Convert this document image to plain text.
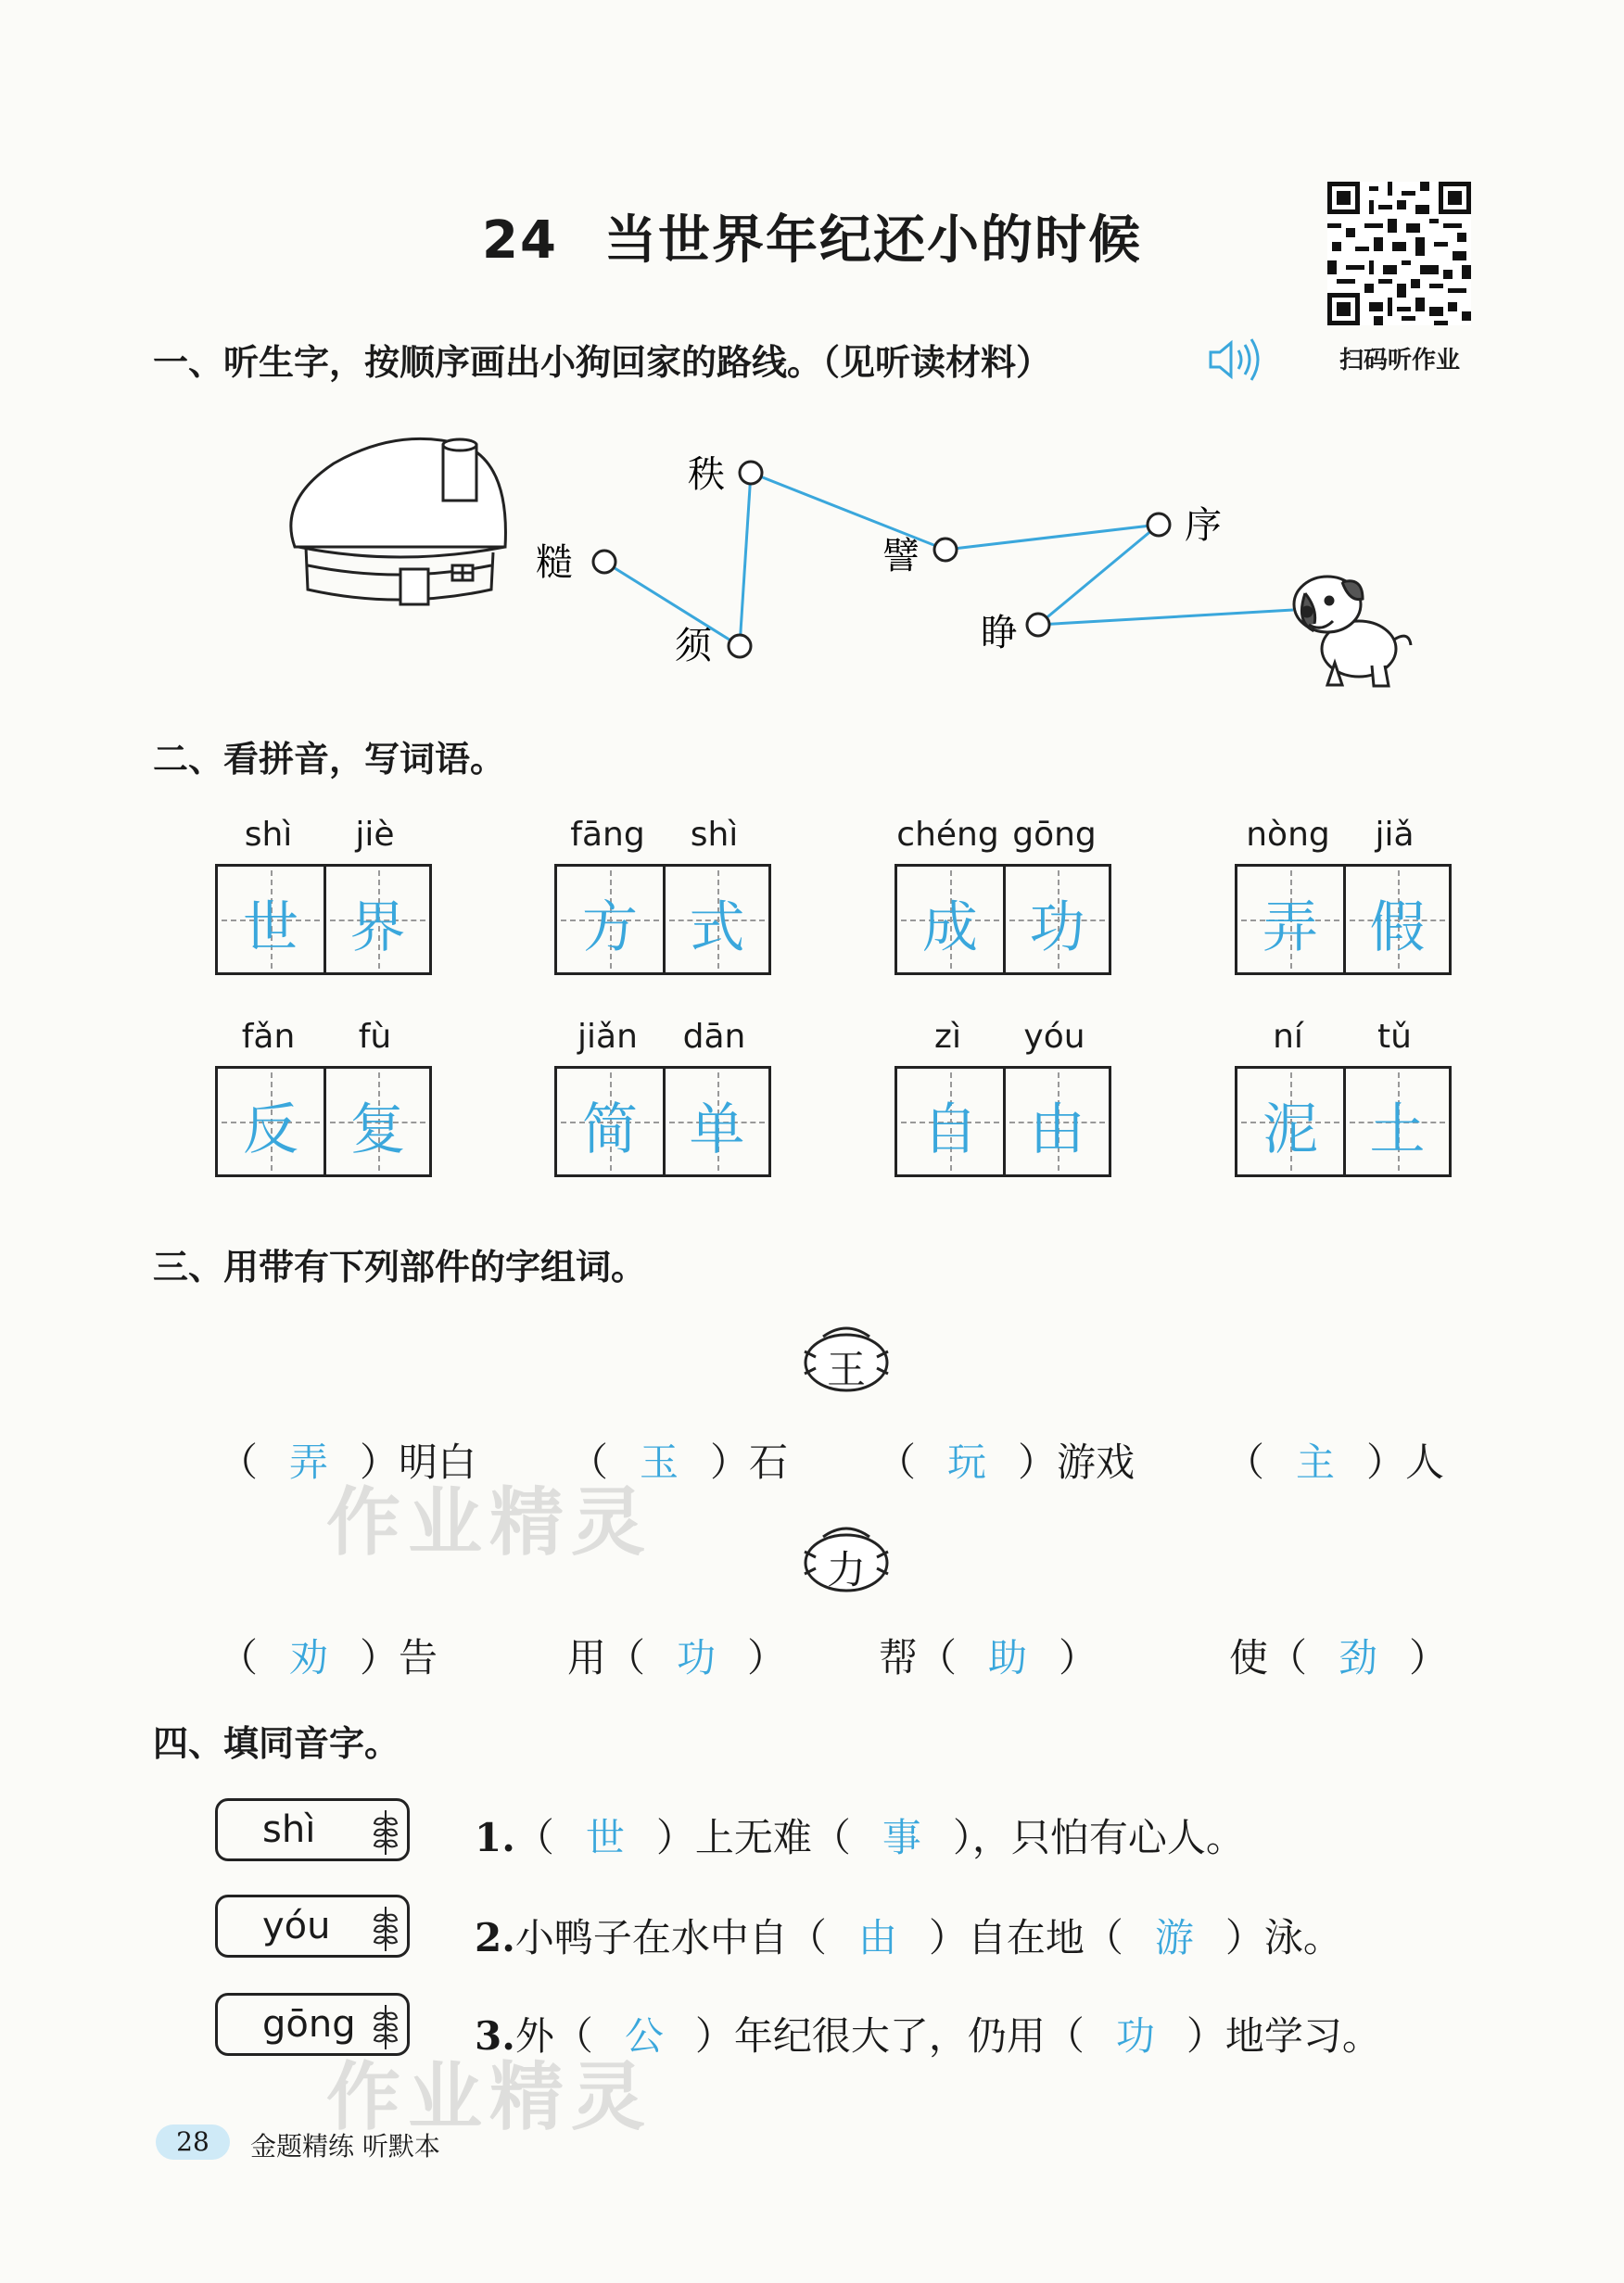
24 当世界年纪还小的时候
扫码听作业
一、听生字，按顺序画出小狗回家的路线。（见听读材料）
糙
秩
须
譬
睁
序
二、看拼音，写词语。
shì	jiè
世 界
fāng	shì
方 式
chéng gōng
成 功
nòng	jiǎ
弄 假
fǎn	fù
反 复
jiǎn	dān
简 单
zì	yóu
自 由
ní	tǔ
泥 土
三、用带有下列部件的字组词。
王
（ 弄 ）明白 （ 玉 ）石 （ 玩 ）游戏 （ 主 ）人
力
（ 劝 ）告	用（ 功 ） 帮（ 助 ）	使（ 劲 ）
四、填同音字。
shì
yóu
gōng
1.（ 世 ）上无难（ 事 ），只怕有心人。
2.小鸭子在水中自（ 由 ）自在地（ 游 ）泳。
3.外（ 公 ）年纪很大了，仍用（ 功 ）地学习。
作业精灵
作业精灵
28	金题精练 听默本
